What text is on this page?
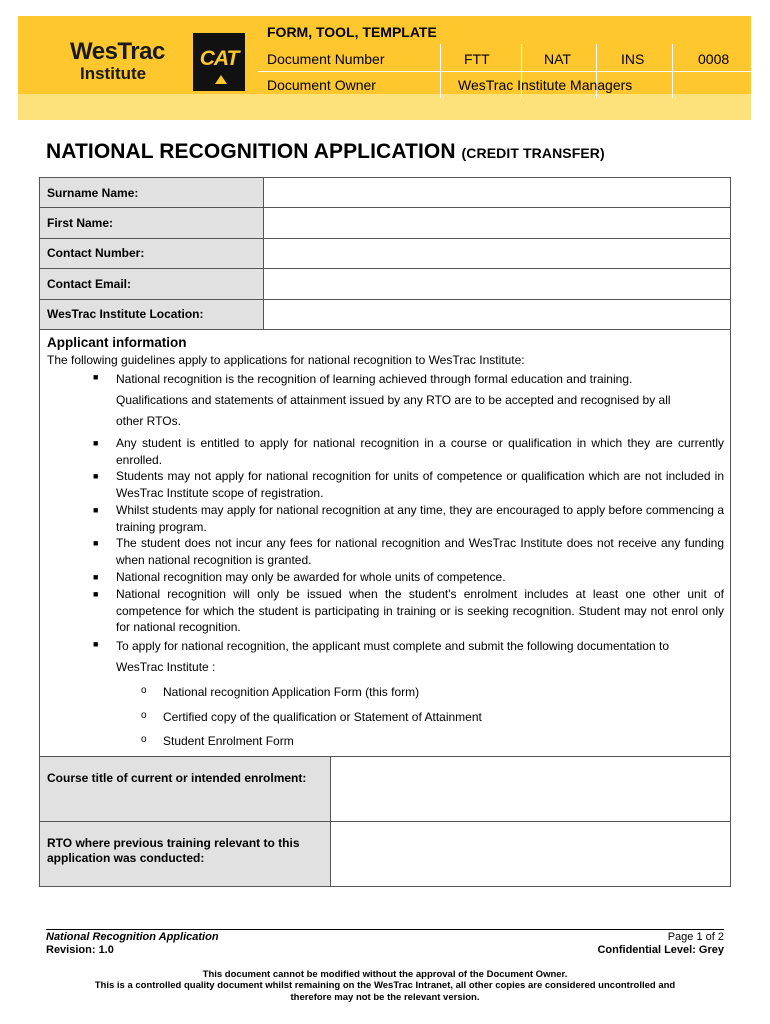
WesTrac
Institute
CAT
FORM, TOOL, TEMPLATE
Document Number	FTT	NAT	INS	0008
Document Owner	WesTrac Institute Managers
NATIONAL RECOGNITION APPLICATION (CREDIT TRANSFER)
Surname Name:	
First Name:	
Contact Number:	
Contact Email:	
WesTrac Institute Location:	
Applicant information
The following guidelines apply to applications for national recognition to WesTrac Institute:
■ National recognition is the recognition of learning achieved through formal education and training.
Qualifications and statements of attainment issued by any RTO are to be accepted and recognised by all
other RTOs.
■ Any student is entitled to apply for national recognition in a course or qualification in which they are currently enrolled.
■ Students may not apply for national recognition for units of competence or qualification which are not included in WesTrac Institute scope of registration.
■ Whilst students may apply for national recognition at any time, they are encouraged to apply before commencing a training program.
■ The student does not incur any fees for national recognition and WesTrac Institute does not receive any funding when national recognition is granted.
■ National recognition may only be awarded for whole units of competence.
■ National recognition will only be issued when the student's enrolment includes at least one other unit of competence for which the student is participating in training or is seeking recognition. Student may not enrol only for national recognition.
■ To apply for national recognition, the applicant must complete and submit the following documentation to
WesTrac Institute :
o National recognition Application Form (this form)
o Certified copy of the qualification or Statement of Attainment
o Student Enrolment Form
Course title of current or intended enrolment:	
RTO where previous training relevant to this application was conducted:	
National Recognition Application
Revision: 1.0
Page 1 of 2
Confidential Level: Grey
This document cannot be modified without the approval of the Document Owner.
This is a controlled quality document whilst remaining on the WesTrac Intranet, all other copies are considered uncontrolled and
therefore may not be the relevant version.
